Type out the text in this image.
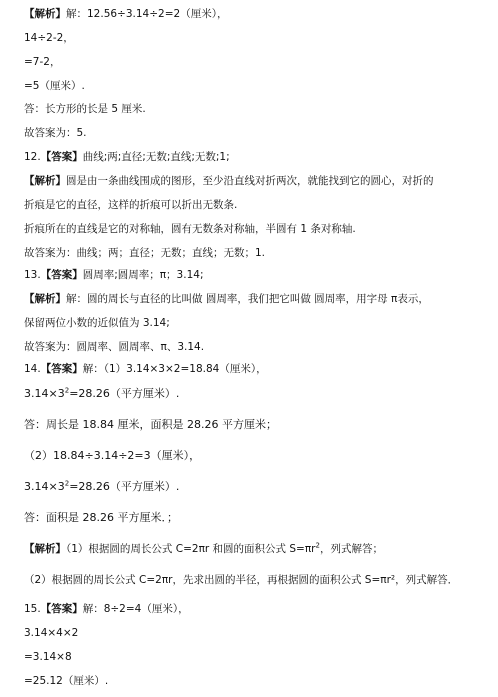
【解析】解：12.56÷3.14÷2=2（厘米），
14÷2-2，
=7-2，
=5（厘米）.
答：长方形的长是 5 厘米.
故答案为：5.
12.【答案】曲线;两;直径;无数;直线;无数;1;
【解析】圆是由一条曲线围成的图形，至少沿直线对折两次，就能找到它的圆心，对折的
折痕是它的直径，这样的折痕可以折出无数条.
折痕所在的直线是它的对称轴，圆有无数条对称轴，半圆有 1 条对称轴.
故答案为：曲线；两；直径；无数；直线；无数；1.
13.【答案】圆周率;圆周率；π；3.14;
【解析】解：圆的周长与直径的比叫做 圆周率，我们把它叫做 圆周率，用字母 π表示，
保留两位小数的近似值为 3.14;
故答案为：圆周率、圆周率、π、3.14.
14.【答案】解：（1）3.14×3×2=18.84（厘米），
$3.14\times 3^2=28.26$（平方厘米）.
答：周长是 18.84 厘米，面积是 28.26 平方厘米；
（2）18.84÷3.14÷2=3（厘米），
$3.14\times 3^2=28.26$（平方厘米）.
答：面积是 28.26 平方厘米．；
【解析】（1）根据圆的周长公式 C=2πr 和圆的面积公式 $S=\pi r^2$，列式解答；
（2）根据圆的周长公式 C=2πr，先求出圆的半径，再根据圆的面积公式 S=πr²，列式解答．
15.【答案】解：8÷2=4（厘米），
3.14×4×2
=3.14×8
=25.12（厘米）.
